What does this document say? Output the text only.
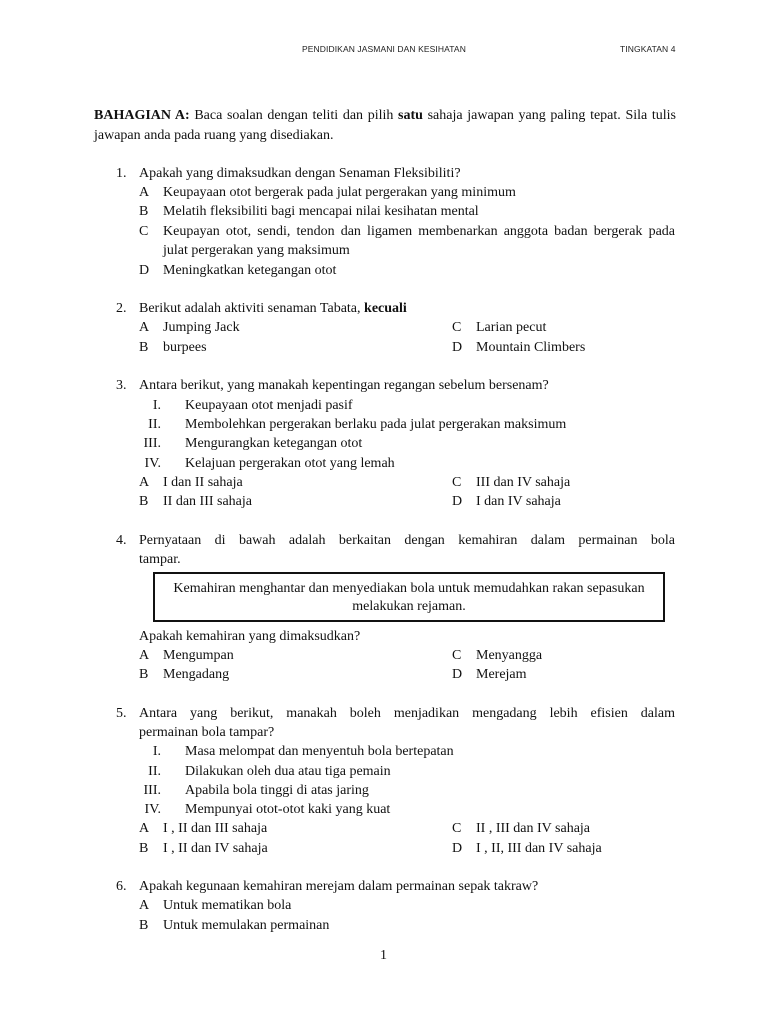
PENDIDIKAN JASMANI DAN KESIHATAN	TINGKATAN 4
BAHAGIAN A: Baca soalan dengan teliti dan pilih satu sahaja jawapan yang paling tepat. Sila tulis jawapan anda pada ruang yang disediakan.
1. Apakah yang dimaksudkan dengan Senaman Fleksibiliti?
A Keupayaan otot bergerak pada julat pergerakan yang minimum
B Melatih fleksibiliti bagi mencapai nilai kesihatan mental
C	Keupayan otot, sendi, tendon dan ligamen membenarkan anggota badan bergerak pada julat pergerakan yang maksimum
D Meningkatkan ketegangan otot
2. Berikut adalah aktiviti senaman Tabata, kecuali
A Jumping Jack
B burpees
C Larian pecut
D Mountain Climbers
3. Antara berikut, yang manakah kepentingan regangan sebelum bersenam?
I. Keupayaan otot menjadi pasif
II. Membolehkan pergerakan berlaku pada julat pergerakan maksimum
III. Mengurangkan ketegangan otot
IV. Kelajuan pergerakan otot yang lemah
A I dan II sahaja
B II dan III sahaja
C III dan IV sahaja
D I dan IV sahaja
4. Pernyataan di bawah adalah berkaitan dengan kemahiran dalam permainan bola
tampar.
Kemahiran menghantar dan menyediakan bola untuk memudahkan rakan sepasukan melakukan rejaman.
Apakah kemahiran yang dimaksudkan?
A Mengumpan
B Mengadang
C Menyangga
D Merejam
5. Antara yang berikut, manakah boleh menjadikan mengadang lebih efisien dalam
permainan bola tampar?
I. Masa melompat dan menyentuh bola bertepatan
II. Dilakukan oleh dua atau tiga pemain
III. Apabila bola tinggi di atas jaring
IV. Mempunyai otot-otot kaki yang kuat
A I , II dan III sahaja
B I , II dan IV sahaja
C II , III dan IV sahaja
D I , II, III dan IV sahaja
6. Apakah kegunaan kemahiran merejam dalam permainan sepak takraw?
A Untuk mematikan bola
B Untuk memulakan permainan
1
